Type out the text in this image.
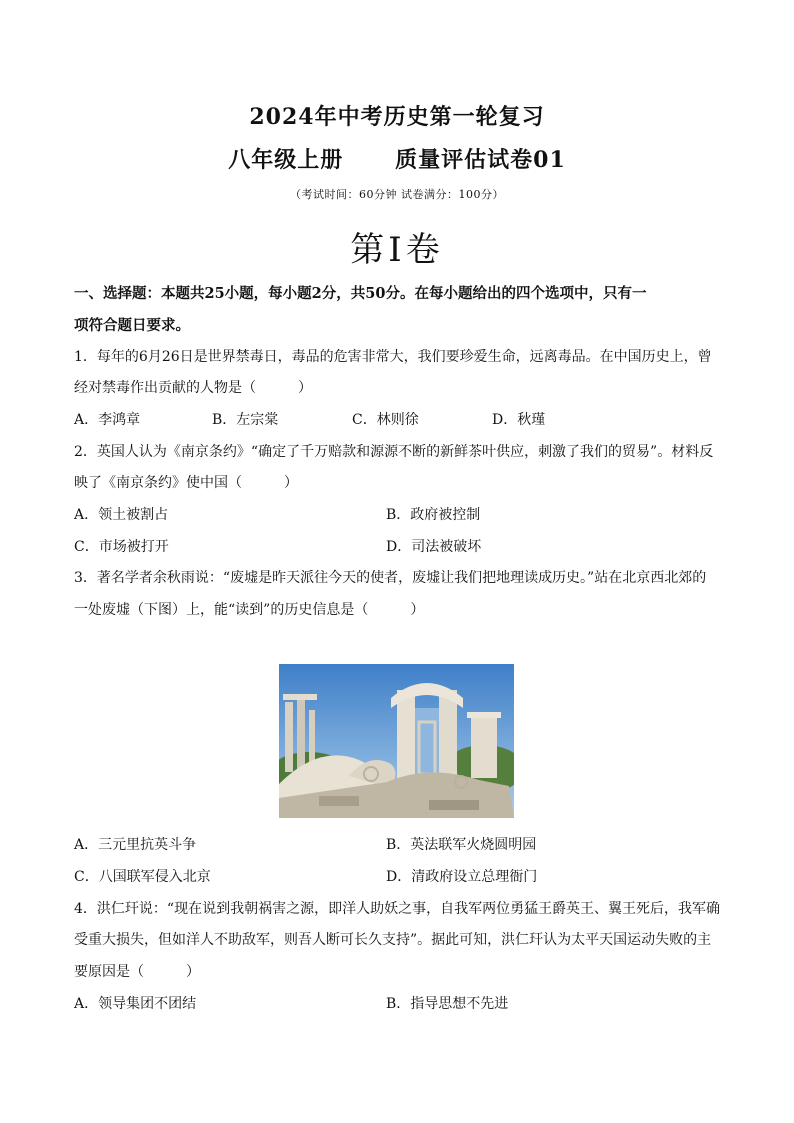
2024年中考历史第一轮复习
八年级上册      质量评估试卷01
（考试时间：60分钟 试卷满分：100分）
第Ⅰ卷
一、选择题：本题共25小题，每小题2分，共50分。在每小题给出的四个选项中，只有一
项符合题日要求。
1．每年的6月26日是世界禁毒日，毒品的危害非常大，我们要珍爱生命，远离毒品。在中国历史上，曾
经对禁毒作出贡献的人物是（　　　）
A．李鸿章	B．左宗棠	C．林则徐	D．秋瑾
2．英国人认为《南京条约》“确定了千万赔款和源源不断的新鲜茶叶供应，刺激了我们的贸易”。材料反
映了《南京条约》使中国（　　　）
A．领土被割占	B．政府被控制
C．市场被打开	D．司法被破坏
3．著名学者余秋雨说：“废墟是昨天派往今天的使者，废墟让我们把地理读成历史。”站在北京西北郊的
一处废墟（下图）上，能“读到”的历史信息是（　　　）
A．三元里抗英斗争	B．英法联军火烧圆明园
C．八国联军侵入北京	D．清政府设立总理衙门
4．洪仁玕说：“现在说到我朝祸害之源，即洋人助妖之事，自我军两位勇猛王爵英王、翼王死后，我军确
受重大损失，但如洋人不助敌军，则吾人断可长久支持”。据此可知，洪仁玕认为太平天国运动失败的主
要原因是（　　　）
A．领导集团不团结	B．指导思想不先进
